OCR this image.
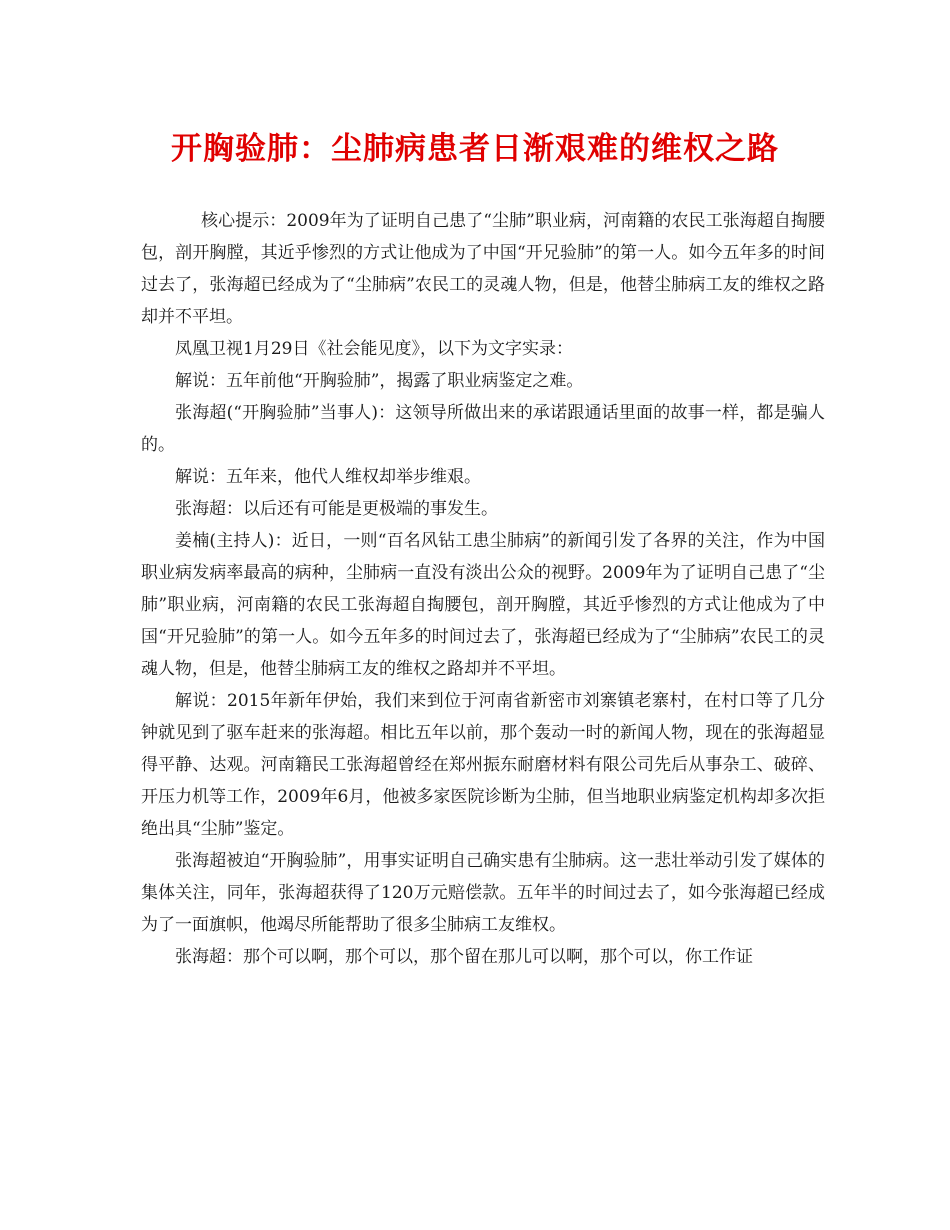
开胸验肺：尘肺病患者日渐艰难的维权之路

核心提示：2009年为了证明自己患了“尘肺”职业病，河南籍的农民工张海超自掏腰包，剖开胸膛，其近乎惨烈的方式让他成为了中国“开兄验肺”的第一人。如今五年多的时间过去了，张海超已经成为了“尘肺病”农民工的灵魂人物，但是，他替尘肺病工友的维权之路却并不平坦。

凤凰卫视1月29日《社会能见度》，以下为文字实录：

解说：五年前他“开胸验肺”，揭露了职业病鉴定之难。

张海超(“开胸验肺”当事人)：这领导所做出来的承诺跟通话里面的故事一样，都是骗人的。

解说：五年来，他代人维权却举步维艰。

张海超：以后还有可能是更极端的事发生。

姜楠(主持人)：近日，一则“百名风钻工患尘肺病”的新闻引发了各界的关注，作为中国职业病发病率最高的病种，尘肺病一直没有淡出公众的视野。2009年为了证明自己患了“尘肺”职业病，河南籍的农民工张海超自掏腰包，剖开胸膛，其近乎惨烈的方式让他成为了中国“开兄验肺”的第一人。如今五年多的时间过去了，张海超已经成为了“尘肺病”农民工的灵魂人物，但是，他替尘肺病工友的维权之路却并不平坦。

解说：2015年新年伊始，我们来到位于河南省新密市刘寨镇老寨村，在村口等了几分钟就见到了驱车赶来的张海超。相比五年以前，那个轰动一时的新闻人物，现在的张海超显得平静、达观。河南籍民工张海超曾经在郑州振东耐磨材料有限公司先后从事杂工、破碎、开压力机等工作，2009年6月，他被多家医院诊断为尘肺，但当地职业病鉴定机构却多次拒绝出具“尘肺”鉴定。

张海超被迫“开胸验肺”，用事实证明自己确实患有尘肺病。这一悲壮举动引发了媒体的集体关注，同年，张海超获得了120万元赔偿款。五年半的时间过去了，如今张海超已经成为了一面旗帜，他竭尽所能帮助了很多尘肺病工友维权。

张海超：那个可以啊，那个可以，那个留在那儿可以啊，那个可以，你工作证
